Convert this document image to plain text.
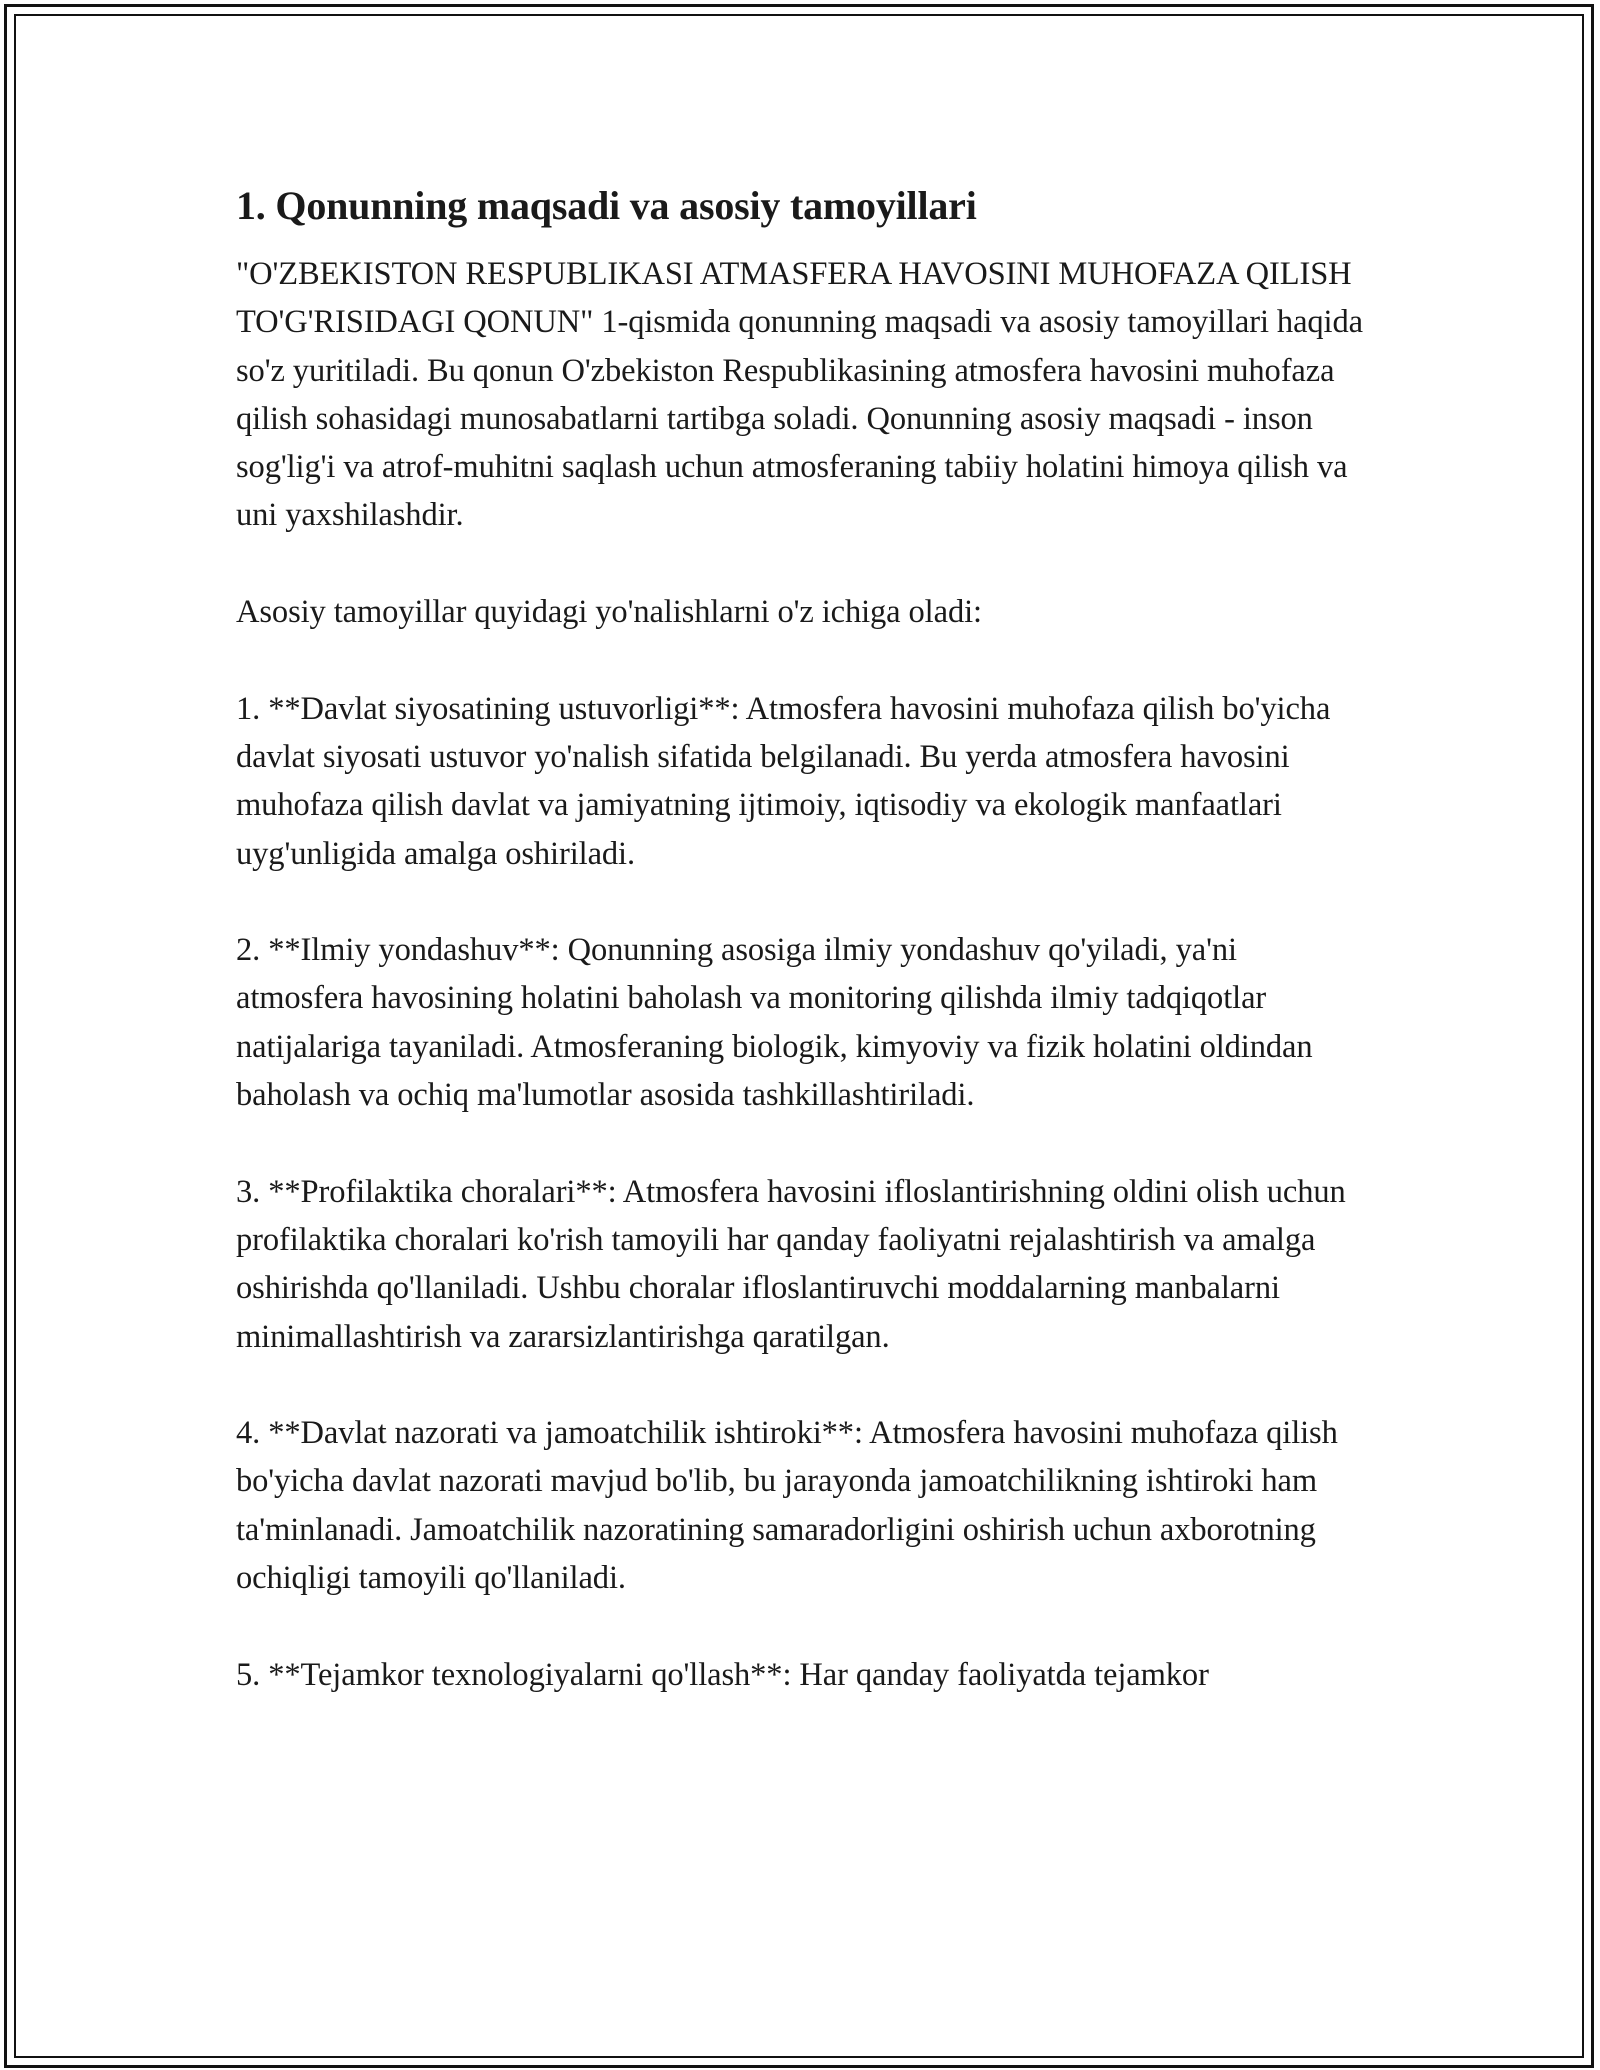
1. Qonunning maqsadi va asosiy tamoyillari

"O'ZBEKISTON RESPUBLIKASI ATMASFERA HAVOSINI MUHOFAZA QILISH TO'G'RISIDAGI QONUN" 1-qismida qonunning maqsadi va asosiy tamoyillari haqida so'z yuritiladi. Bu qonun O'zbekiston Respublikasining atmosfera havosini muhofaza qilish sohasidagi munosabatlarni tartibga soladi. Qonunning asosiy maqsadi - inson sog'lig'i va atrof-muhitni saqlash uchun atmosferaning tabiiy holatini himoya qilish va uni yaxshilashdir.

Asosiy tamoyillar quyidagi yo'nalishlarni o'z ichiga oladi:

1. **Davlat siyosatining ustuvorligi**: Atmosfera havosini muhofaza qilish bo'yicha davlat siyosati ustuvor yo'nalish sifatida belgilanadi. Bu yerda atmosfera havosini muhofaza qilish davlat va jamiyatning ijtimoiy, iqtisodiy va ekologik manfaatlari uyg'unligida amalga oshiriladi.

2. **Ilmiy yondashuv**: Qonunning asosiga ilmiy yondashuv qo'yiladi, ya'ni atmosfera havosining holatini baholash va monitoring qilishda ilmiy tadqiqotlar natijalariga tayaniladi. Atmosferaning biologik, kimyoviy va fizik holatini oldindan baholash va ochiq ma'lumotlar asosida tashkillashtiriladi.

3. **Profilaktika choralari**: Atmosfera havosini ifloslantirishning oldini olish uchun profilaktika choralari ko'rish tamoyili har qanday faoliyatni rejalashtirish va amalga oshirishda qo'llaniladi. Ushbu choralar ifloslantiruvchi moddalarning manbalarni minimallashtirish va zararsizlantirishga qaratilgan.

4. **Davlat nazorati va jamoatchilik ishtiroki**: Atmosfera havosini muhofaza qilish bo'yicha davlat nazorati mavjud bo'lib, bu jarayonda jamoatchilikning ishtiroki ham ta'minlanadi. Jamoatchilik nazoratining samaradorligini oshirish uchun axborotning ochiqligi tamoyili qo'llaniladi.

5. **Tejamkor texnologiyalarni qo'llash**: Har qanday faoliyatda tejamkor
